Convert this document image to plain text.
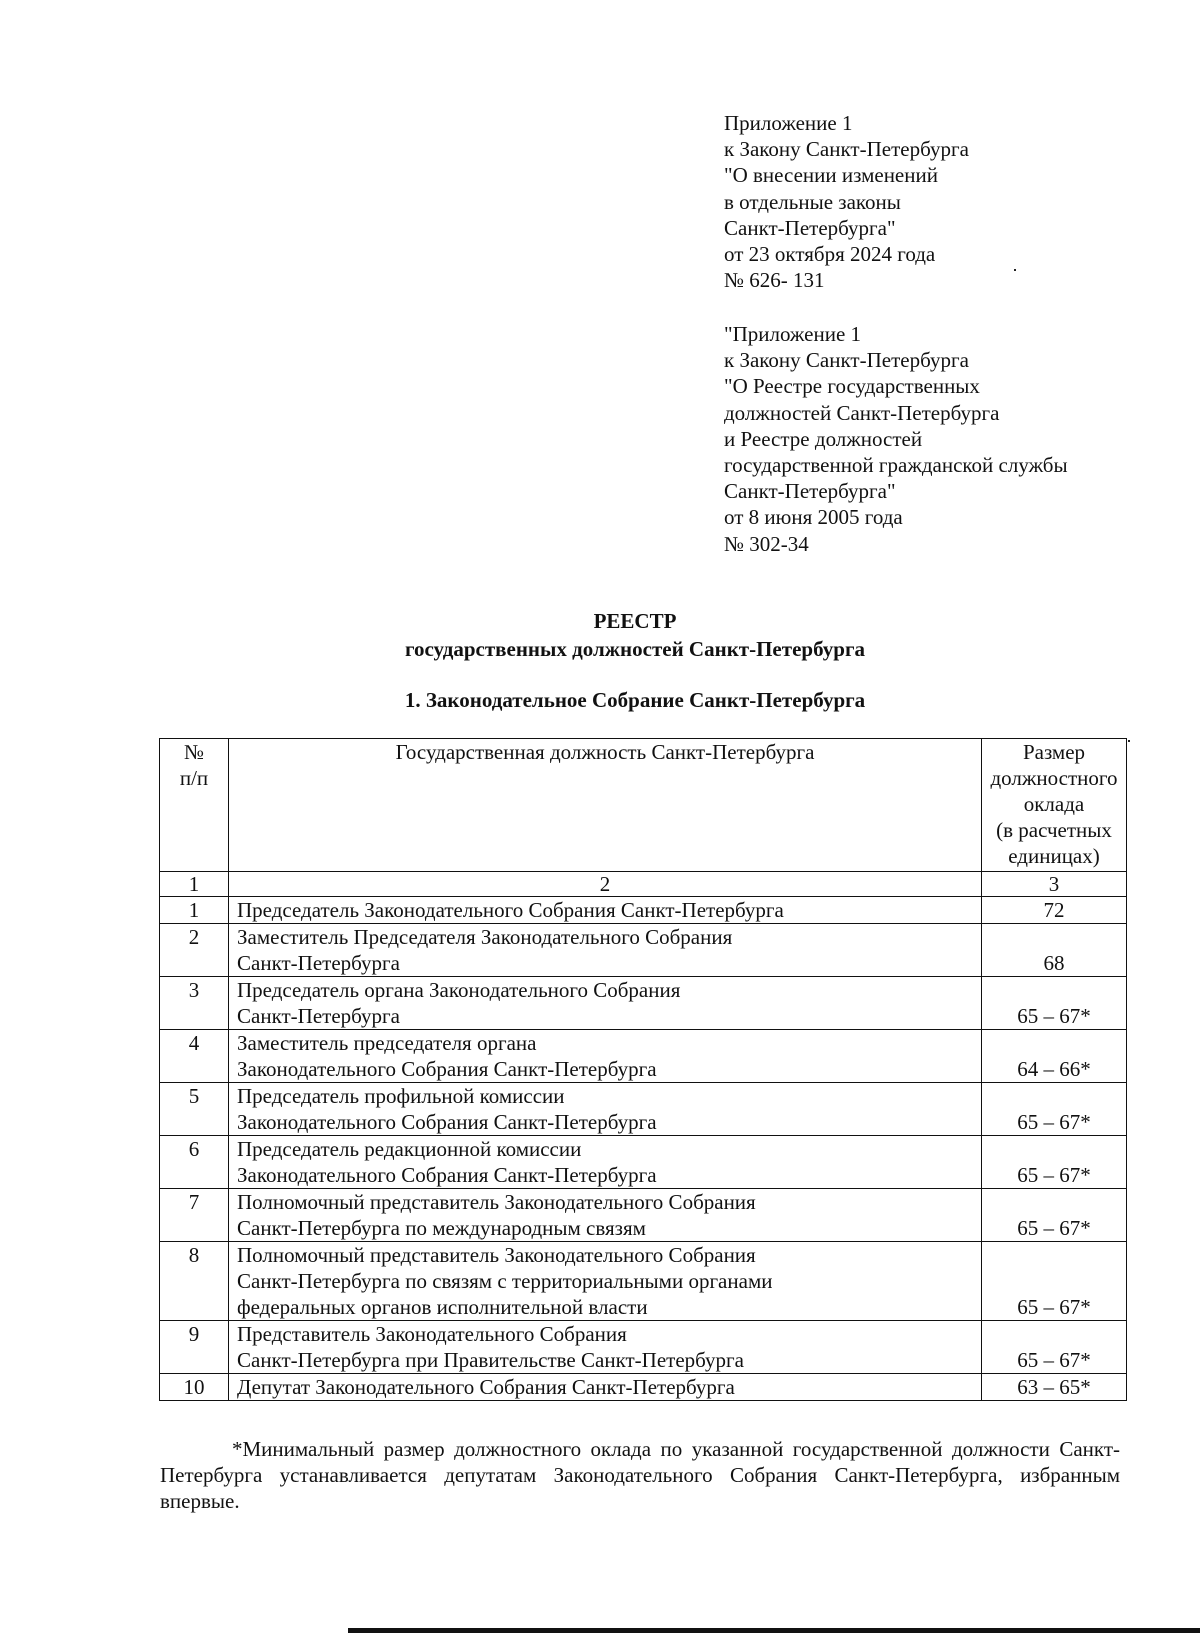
Приложение 1
к Закону Санкт-Петербурга
"О внесении изменений
в отдельные законы
Санкт-Петербурга"
от 23 октября 2024 года
№ 626- 131
"Приложение 1
к Закону Санкт-Петербурга
"О Реестре государственных
должностей Санкт-Петербурга
и Реестре должностей
государственной гражданской службы
Санкт-Петербурга"
от 8 июня 2005 года
№ 302-34
РЕЕСТР
государственных должностей Санкт-Петербурга
1. Законодательное Собрание Санкт-Петербурга
№
п/п	Государственная должность Санкт-Петербурга	Размер
должностного
оклада
(в расчетных
единицах)
1	2	3
1	Председатель Законодательного Собрания Санкт-Петербурга	72
2	Заместитель Председателя Законодательного Собрания
Санкт-Петербурга	68
3	Председатель органа Законодательного Собрания
Санкт-Петербурга	65 – 67*
4	Заместитель председателя органа
Законодательного Собрания Санкт-Петербурга	64 – 66*
5	Председатель профильной комиссии
Законодательного Собрания Санкт-Петербурга	65 – 67*
6	Председатель редакционной комиссии
Законодательного Собрания Санкт-Петербурга	65 – 67*
7	Полномочный представитель Законодательного Собрания
Санкт-Петербурга по международным связям	65 – 67*
8	Полномочный представитель Законодательного Собрания
Санкт-Петербурга по связям с территориальными органами
федеральных органов исполнительной власти	65 – 67*
9	Представитель Законодательного Собрания
Санкт-Петербурга при Правительстве Санкт-Петербурга	65 – 67*
10	Депутат Законодательного Собрания Санкт-Петербурга	63 – 65*
*Минимальный размер должностного оклада по указанной государственной должности Санкт-Петербурга устанавливается депутатам Законодательного Собрания Санкт-Петербурга, избранным впервые.
